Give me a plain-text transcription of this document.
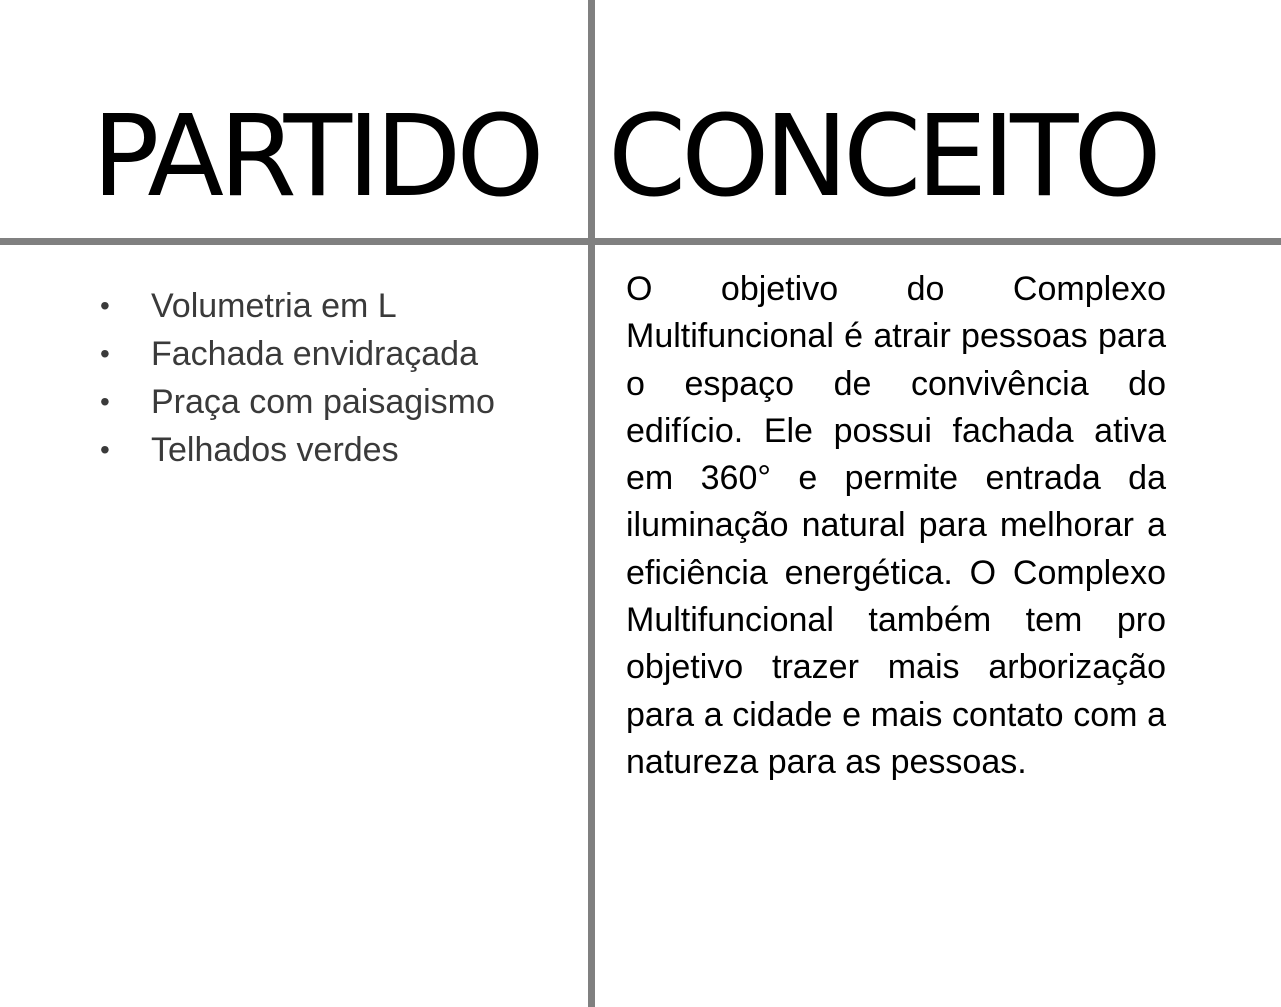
PARTIDO CONCEITO
• Volumetria em L
• Fachada envidraçada
• Praça com paisagismo
• Telhados verdes

O objetivo do Complexo Multifuncional é atrair pessoas para o espaço de convivência do edifício. Ele possui fachada ativa em 360° e permite entrada da iluminação natural para melhorar a eficiência energética. O Complexo Multifuncional também tem pro objetivo trazer mais arborização para a cidade e mais contato com a natureza para as pessoas.
